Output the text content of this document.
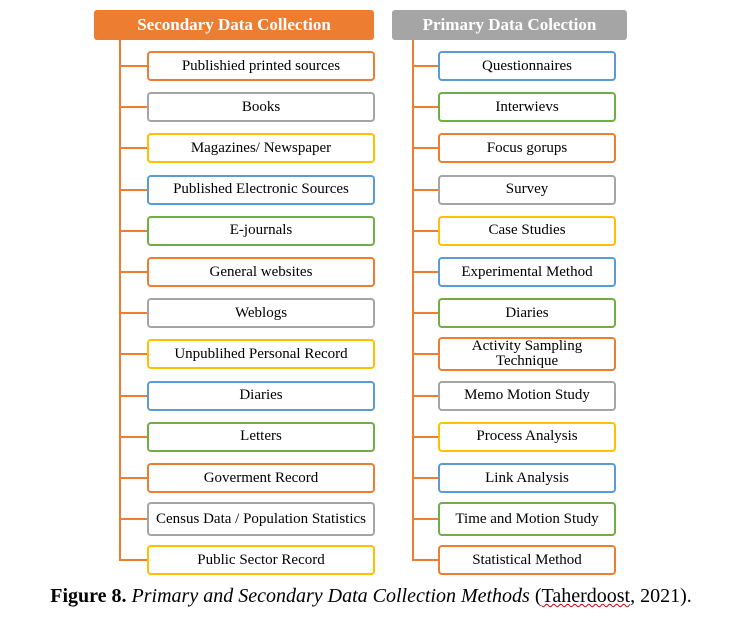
Secondary Data Collection	Primary Data Colection
Publishied printed sources
Books
Magazines/ Newspaper
Published Electronic Sources
E-journals
General websites
Weblogs
Unpublihed Personal Record
Diaries
Letters
Goverment Record
Census Data / Population Statistics
Public Sector Record
Questionnaires
Interwievs
Focus gorups
Survey
Case Studies
Experimental Method
Diaries
Activity Sampling Technique
Memo Motion Study
Process Analysis
Link Analysis
Time and Motion Study
Statistical Method
Figure 8. Primary and Secondary Data Collection Methods (Taherdoost, 2021).
